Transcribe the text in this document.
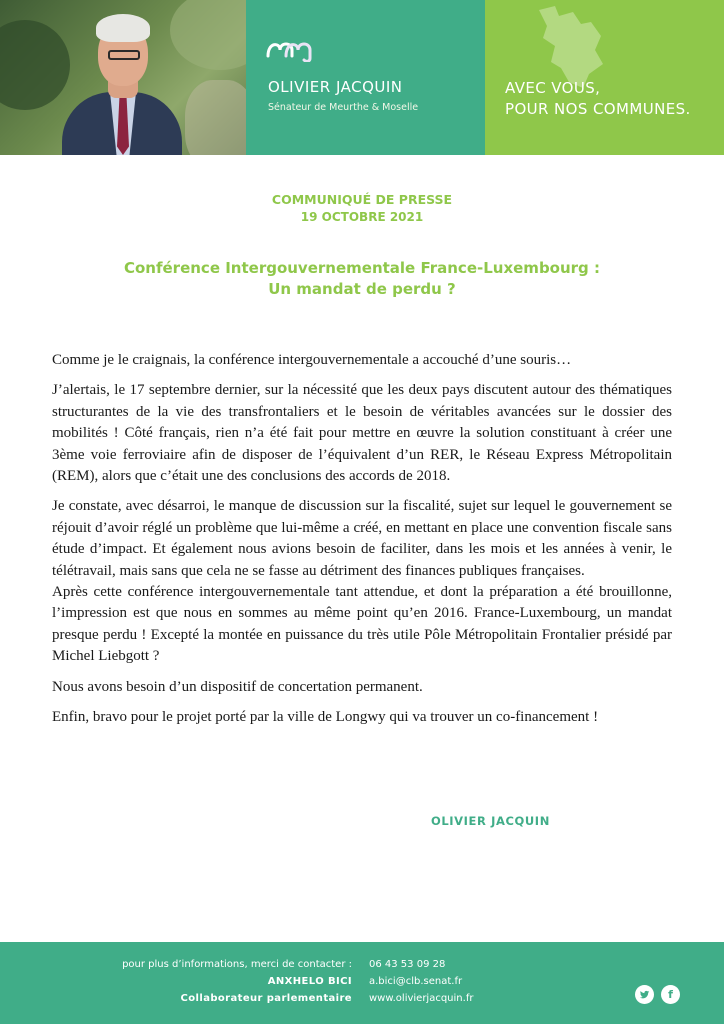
OLIVIER JACQUIN
Sénateur de Meurthe & Moselle
AVEC VOUS,
POUR NOS COMMUNES.
COMMUNIQUÉ DE PRESSE
19 OCTOBRE 2021
Conférence Intergouvernementale France-Luxembourg :
Un mandat de perdu ?

Comme je le craignais, la conférence intergouvernementale a accouché d’une souris…

J’alertais, le 17 septembre dernier, sur la nécessité que les deux pays discutent autour des thématiques structurantes de la vie des transfrontaliers et le besoin de véritables avancées sur le dossier des mobilités ! Côté français, rien n’a été fait pour mettre en œuvre la solution constituant à créer une 3ème voie ferroviaire afin de disposer de l’équivalent d’un RER, le Réseau Express Métropolitain (REM), alors que c’était une des conclusions des accords de 2018.

Je constate, avec désarroi, le manque de discussion sur la fiscalité, sujet sur lequel le gouvernement se réjouit d’avoir réglé un problème que lui-même a créé, en mettant en place une convention fiscale sans étude d’impact. Et également nous avions besoin de faciliter, dans les mois et les années à venir, le télétravail, mais sans que cela ne se fasse au détriment des finances publiques françaises.

Après cette conférence intergouvernementale tant attendue, et dont la préparation a été brouillonne, l’impression est que nous en sommes au même point qu’en 2016. France-Luxembourg, un mandat presque perdu ! Excepté la montée en puissance du très utile Pôle Métropolitain Frontalier présidé par Michel Liebgott ?

Nous avons besoin d’un dispositif de concertation permanent.

Enfin, bravo pour le projet porté par la ville de Longwy qui va trouver un co-financement !

OLIVIER JACQUIN
pour plus d’informations, merci de contacter :
ANXHELO BICI
Collaborateur parlementaire
06 43 53 09 28
a.bici@clb.senat.fr
www.olivierjacquin.fr	f
